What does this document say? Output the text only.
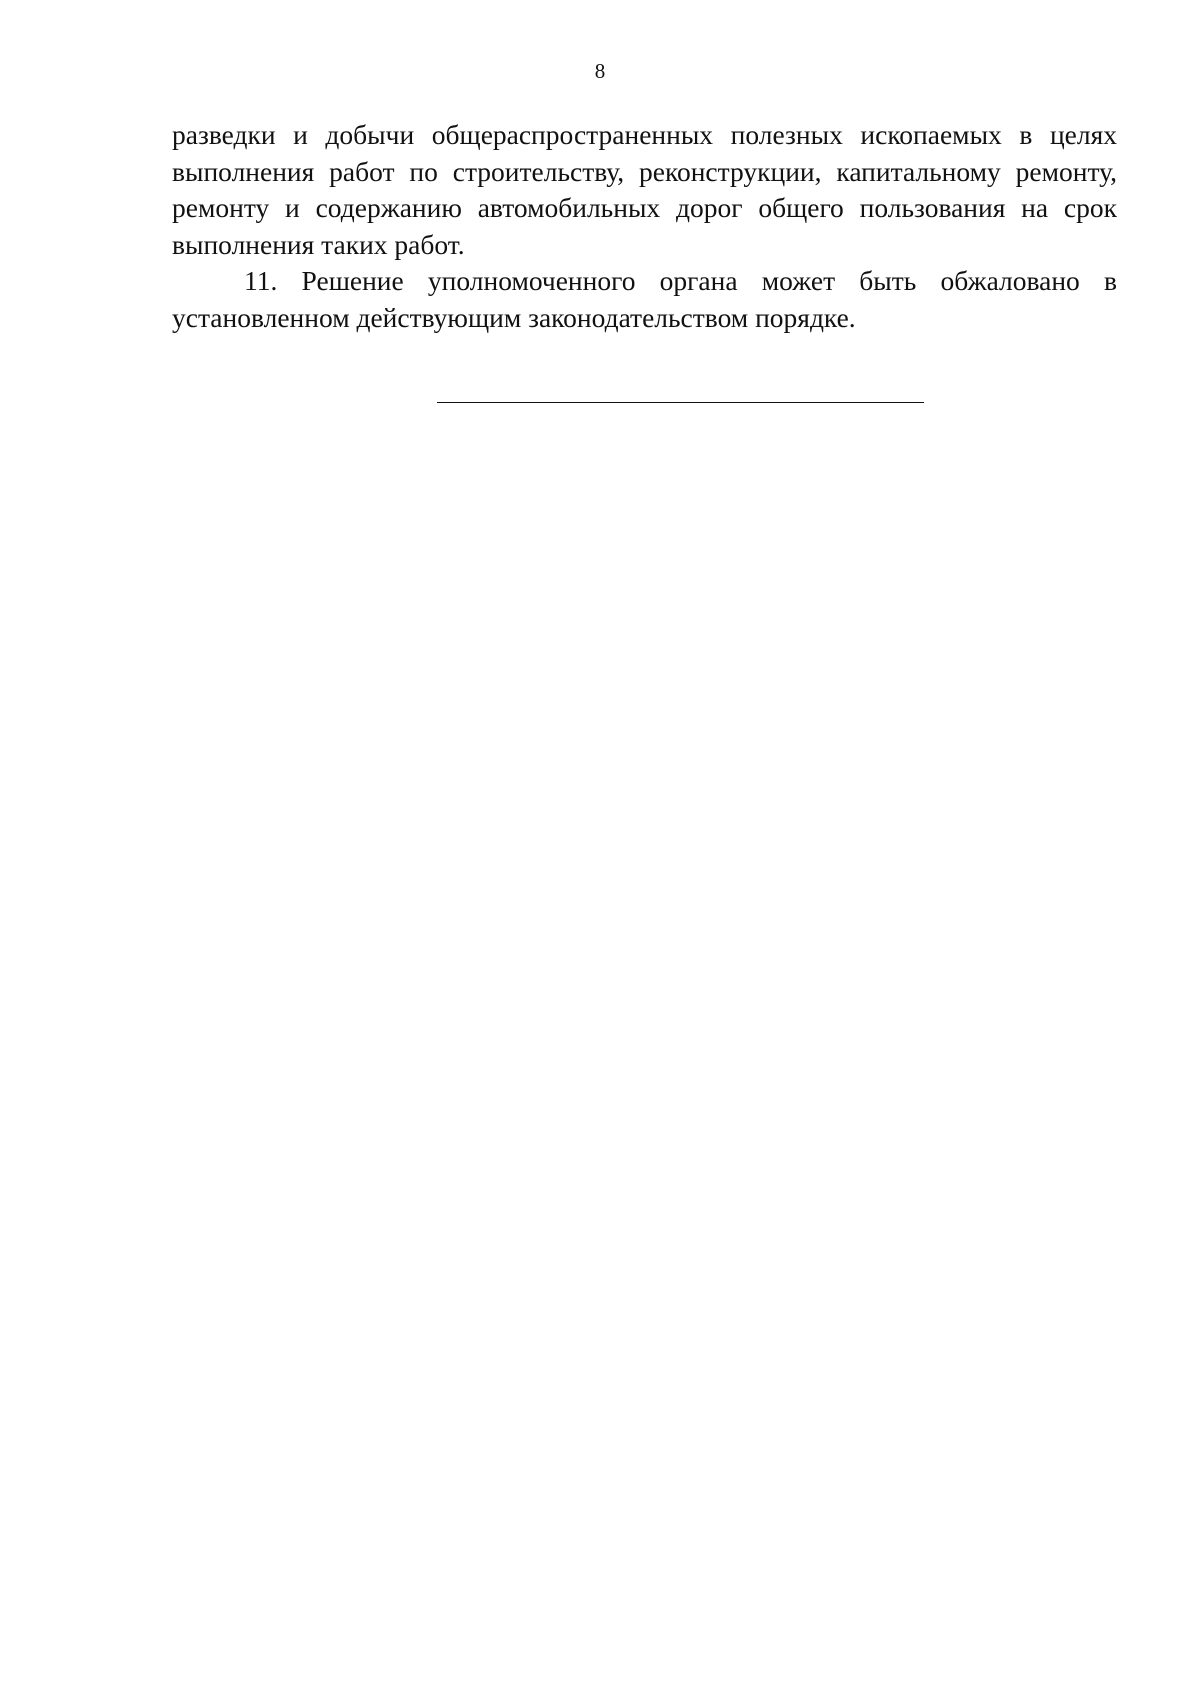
8

разведки и добычи общераспространенных полезных ископаемых в целях выполнения работ по строительству, реконструкции, капитальному ремонту, ремонту и содержанию автомобильных дорог общего пользования на срок выполнения таких работ.

11. Решение уполномоченного органа может быть обжаловано в установленном действующим законодательством порядке.
